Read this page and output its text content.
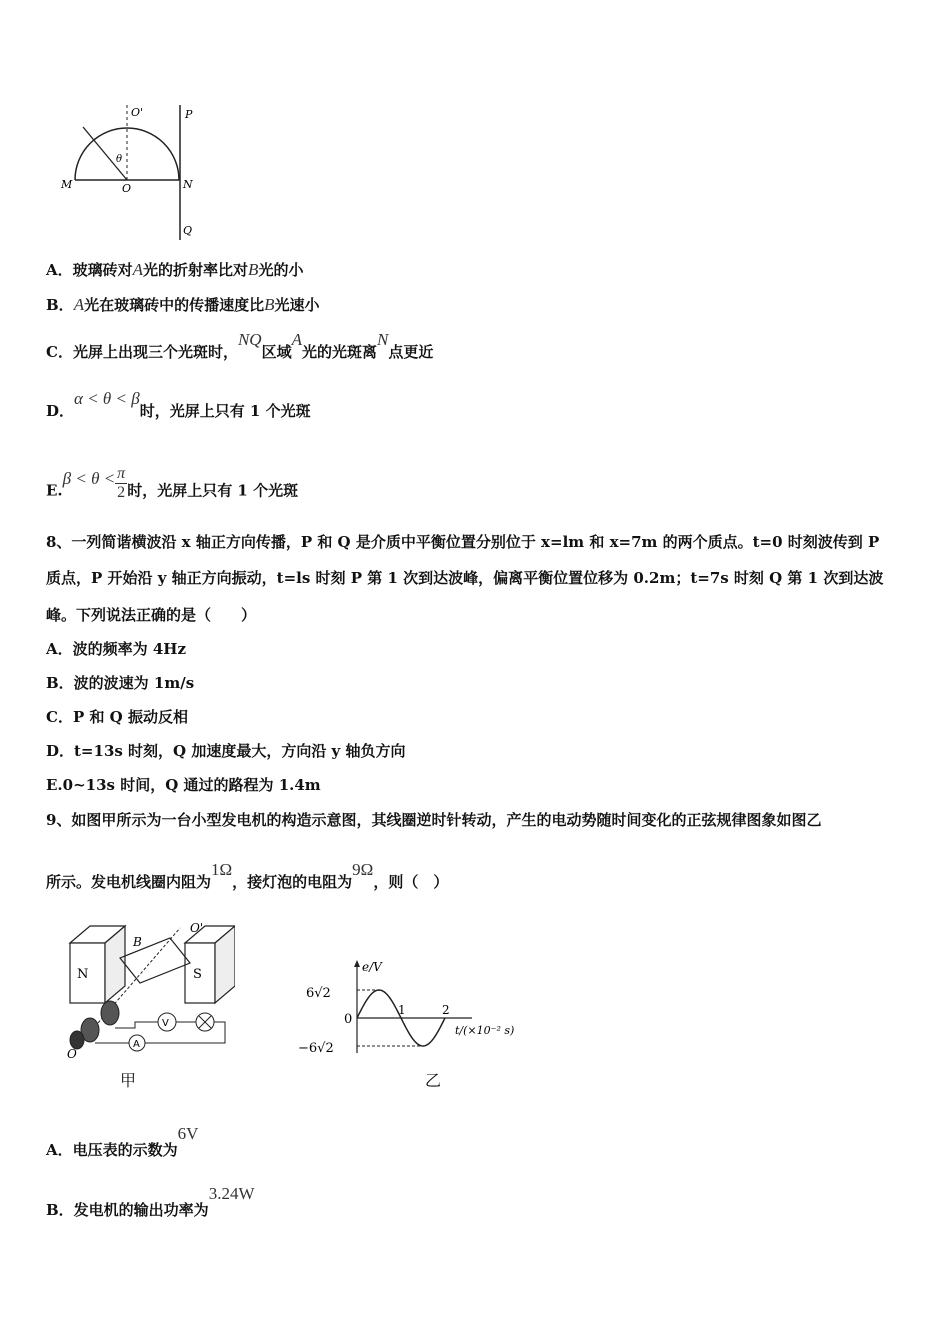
O'	P
M	O	N
Q
θ
A．玻璃砖对A光的折射率比对B光的小
B．A光在玻璃砖中的传播速度比B光速小
C．光屏上出现三个光斑时，NQ区域A光的光斑离N点更近
D．α < θ < β时，光屏上只有 1 个光斑
$E.\beta < \theta < \frac{\pi}{2}$ 时，光屏上只有 1 个光斑
8、一列简谐横波沿 x 轴正方向传播，P 和 Q 是介质中平衡位置分别位于 x=lm 和 x=7m 的两个质点。t=0 时刻波传到 P
质点，P 开始沿 y 轴正方向振动，t=ls 时刻 P 第 1 次到达波峰，偏离平衡位置位移为 0.2m；t=7s 时刻 Q 第 1 次到达波
峰。下列说法正确的是（　　）
A．波的频率为 4Hz
B．波的波速为 1m/s
C．P 和 Q 振动反相
D．t=13s 时刻，Q 加速度最大，方向沿 y 轴负方向
E.0~13s 时间，Q 通过的路程为 1.4m
9、如图甲所示为一台小型发电机的构造示意图，其线圈逆时针转动，产生的电动势随时间变化的正弦规律图象如图乙
所示。发电机线圈内阻为1Ω，接灯泡的电阻为9Ω，则（　）
N	S
B
O'
O
V
A
甲
e/V
t/(×10⁻² s)
6√2
0
−6√2
1	2
乙
A．电压表的示数为6V
B．发电机的输出功率为3.24W
